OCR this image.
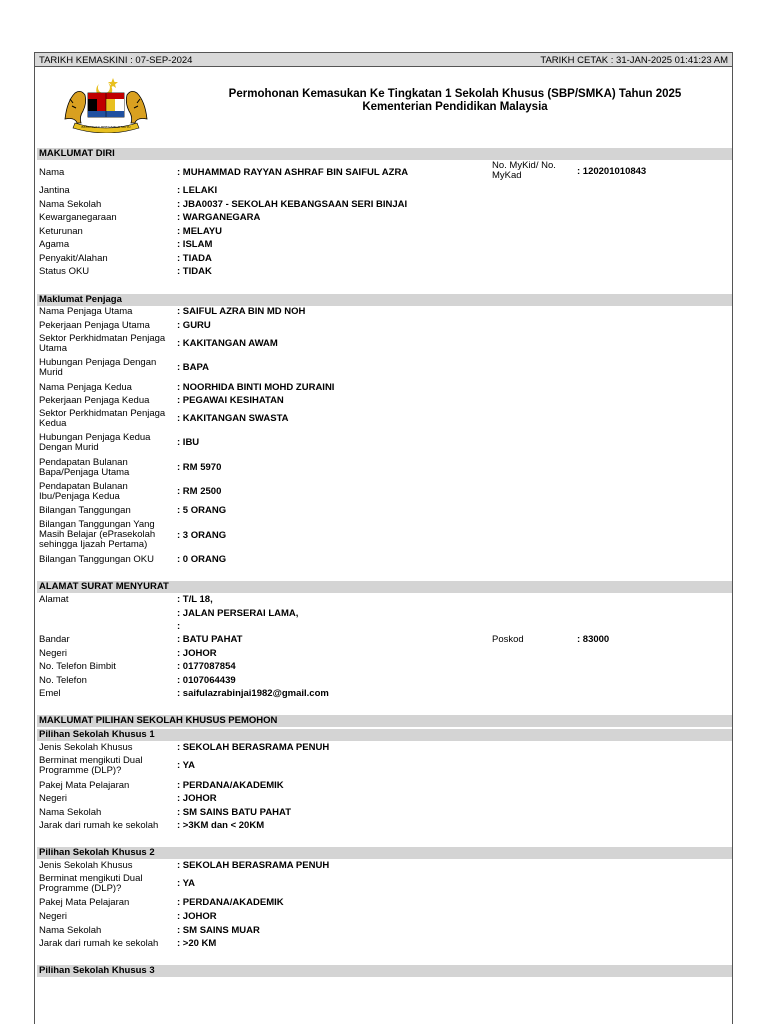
TARIKH KEMASKINI : 07-SEP-2024	TARIKH CETAK : 31-JAN-2025 01:41:23 AM
BERSEKUTU BERTAMBAH MUTU
Permohonan Kemasukan Ke Tingkatan 1 Sekolah Khusus (SBP/SMKA) Tahun 2025
Kementerian Pendidikan Malaysia
MAKLUMAT DIRI
Nama	: MUHAMMAD RAYYAN ASHRAF BIN SAIFUL AZRA
No. MyKid/ No. MyKad	: 120201010843
Jantina	: LELAKI
Nama Sekolah	: JBA0037 - SEKOLAH KEBANGSAAN SERI BINJAI
Kewarganegaraan	: WARGANEGARA
Keturunan	: MELAYU
Agama	: ISLAM
Penyakit/Alahan	: TIADA
Status OKU	: TIDAK
Maklumat Penjaga
Nama Penjaga Utama	: SAIFUL AZRA BIN MD NOH
Pekerjaan Penjaga Utama	: GURU
Sektor Perkhidmatan Penjaga Utama	: KAKITANGAN AWAM
Hubungan Penjaga Dengan Murid	: BAPA
Nama Penjaga Kedua	: NOORHIDA BINTI MOHD ZURAINI
Pekerjaan Penjaga Kedua	: PEGAWAI KESIHATAN
Sektor Perkhidmatan Penjaga Kedua	: KAKITANGAN SWASTA
Hubungan Penjaga Kedua Dengan Murid	: IBU
Pendapatan Bulanan Bapa/Penjaga Utama	: RM 5970
Pendapatan Bulanan Ibu/Penjaga Kedua	: RM 2500
Bilangan Tanggungan	: 5 ORANG
Bilangan Tanggungan Yang Masih Belajar (ePrasekolah sehingga Ijazah Pertama)
: 3 ORANG
Bilangan Tanggungan OKU	: 0 ORANG
ALAMAT SURAT MENYURAT
Alamat	: T/L 18,
: JALAN PERSERAI LAMA,
:
Bandar	: BATU PAHAT	Poskod	: 83000
Negeri	: JOHOR
No. Telefon Bimbit	: 0177087854
No. Telefon	: 0107064439
Emel	: saifulazrabinjai1982@gmail.com
MAKLUMAT PILIHAN SEKOLAH KHUSUS PEMOHON
Pilihan Sekolah Khusus 1
Jenis Sekolah Khusus	: SEKOLAH BERASRAMA PENUH
Berminat mengikuti Dual Programme (DLP)?	: YA
Pakej Mata Pelajaran	: PERDANA/AKADEMIK
Negeri	: JOHOR
Nama Sekolah	: SM SAINS BATU PAHAT
Jarak dari rumah ke sekolah	: >3KM dan < 20KM
Pilihan Sekolah Khusus 2
Jenis Sekolah Khusus	: SEKOLAH BERASRAMA PENUH
Berminat mengikuti Dual Programme (DLP)?	: YA
Pakej Mata Pelajaran	: PERDANA/AKADEMIK
Negeri	: JOHOR
Nama Sekolah	: SM SAINS MUAR
Jarak dari rumah ke sekolah	: >20 KM
Pilihan Sekolah Khusus 3
